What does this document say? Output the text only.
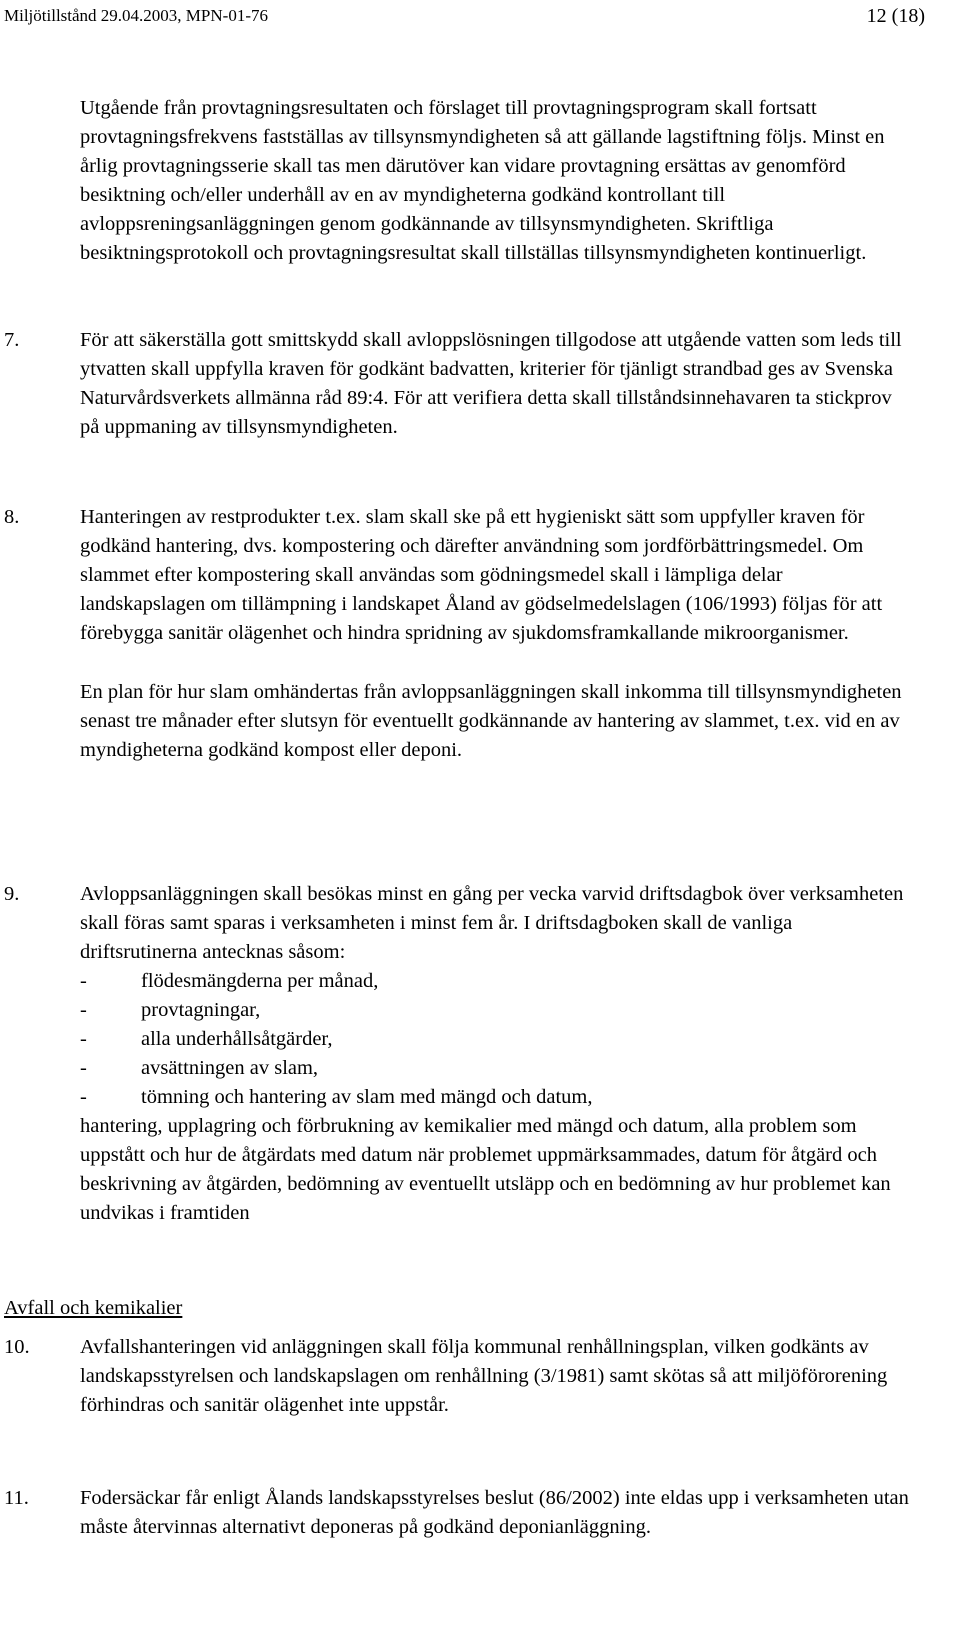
Miljötillstånd 29.04.2003, MPN-01-76	12 (18)

Utgående från provtagningsresultaten och förslaget till provtagningsprogram skall fortsatt provtagningsfrekvens fastställas av tillsynsmyndigheten så att gällande lagstiftning följs. Minst en årlig provtagningsserie skall tas men därutöver kan vidare provtagning ersättas av genomförd besiktning och/eller underhåll av en av myndigheterna godkänd kontrollant till avloppsreningsanläggningen genom godkännande av tillsynsmyndigheten. Skriftliga besiktningsprotokoll och provtagningsresultat skall tillställas tillsynsmyndigheten kontinuerligt.

7.	För att säkerställa gott smittskydd skall avloppslösningen tillgodose att utgående vatten som leds till ytvatten skall uppfylla kraven för godkänt badvatten, kriterier för tjänligt strandbad ges av Svenska Naturvårdsverkets allmänna råd 89:4. För att verifiera detta skall tillståndsinnehavaren ta stickprov på uppmaning av tillsynsmyndigheten.

8.	Hanteringen av restprodukter t.ex. slam skall ske på ett hygieniskt sätt som uppfyller kraven för godkänd hantering, dvs. kompostering och därefter användning som jordförbättringsmedel. Om slammet efter kompostering skall användas som gödningsmedel skall i lämpliga delar landskapslagen om tillämpning i landskapet Åland av gödselmedelslagen (106/1993) följas för att förebygga sanitär olägenhet och hindra spridning av sjukdomsframkallande mikroorganismer.

En plan för hur slam omhändertas från avloppsanläggningen skall inkomma till tillsynsmyndigheten senast tre månader efter slutsyn för eventuellt godkännande av hantering av slammet, t.ex. vid en av myndigheterna godkänd kompost eller deponi.

9.	Avloppsanläggningen skall besökas minst en gång per vecka varvid driftsdagbok över verksamheten skall föras samt sparas i verksamheten i minst fem år. I driftsdagboken skall de vanliga driftsrutinerna antecknas såsom:

-	flödesmängderna per månad,
-	provtagningar,
-	alla underhållsåtgärder,
-	avsättningen av slam,
-	tömning och hantering av slam med mängd och datum,

hantering, upplagring och förbrukning av kemikalier med mängd och datum, alla problem som uppstått och hur de åtgärdats med datum när problemet uppmärksammades, datum för åtgärd och beskrivning av åtgärden, bedömning av eventuellt utsläpp och en bedömning av hur problemet kan undvikas i framtiden

Avfall och kemikalier
10. Avfallshanteringen vid anläggningen skall följa kommunal renhållningsplan, vilken godkänts av landskapsstyrelsen och landskapslagen om renhållning (3/1981) samt skötas så att miljöförorening förhindras och sanitär olägenhet inte uppstår.

11. Fodersäckar får enligt Ålands landskapsstyrelses beslut (86/2002) inte eldas upp i verksamheten utan måste återvinnas alternativt deponeras på godkänd deponianläggning.
